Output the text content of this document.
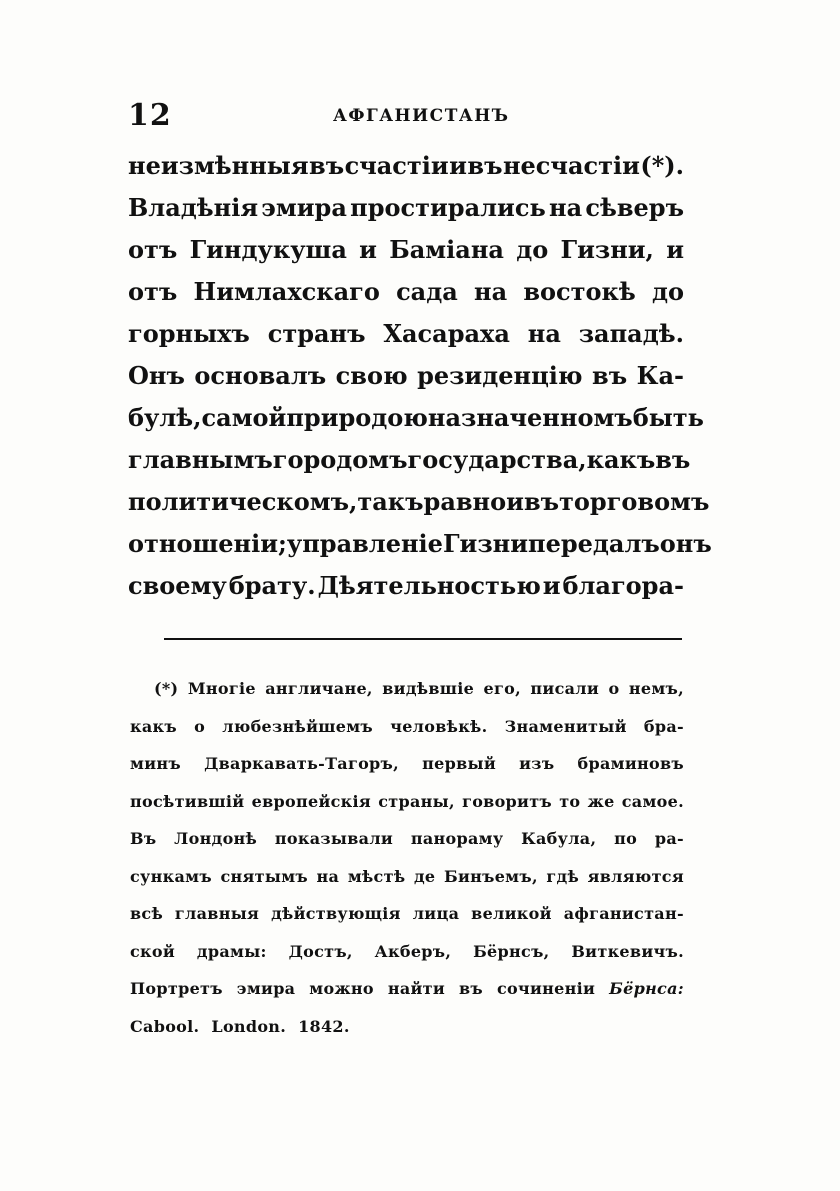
12	АФГАНИСТАНЪ
неизмѣнныя въ счастіи и въ несчастіи (*).
Владѣнія эмира простирались на сѣверъ
отъ Гиндукуша и Баміана до Гизни, и
отъ Нимлахскаго сада на востокѣ до
горныхъ странъ Хасараха на западѣ.
Онъ основалъ свою резиденцію въ Ка-
булѣ, самой природою назначенномъ быть
главнымъ городомъ государства, какъ въ
политическомъ, такъ равно и въ торговомъ
отношеніи; управленіе Гизни передалъ онъ
своему брату. Дѣятельностью и благора-
(*) Многіе англичане, видѣвшіе его, писали о немъ,
какъ о любезнѣйшемъ человѣкѣ. Знаменитый бра-
минъ Дваркавать-Тагоръ, первый изъ браминовъ
посѣтившій европейскія страны, говоритъ то же самое.
Въ Лондонѣ показывали панораму Кабула, по ра-
сункамъ снятымъ на мѣстѣ де Бинъемъ, гдѣ являются
всѣ главныя дѣйствующія лица великой афганистан-
ской драмы: Достъ, Акберъ, Бёрнсъ, Виткевичъ.
Портретъ эмира можно найти въ сочиненіи Бёрнса:
Cabool. London. 1842.
